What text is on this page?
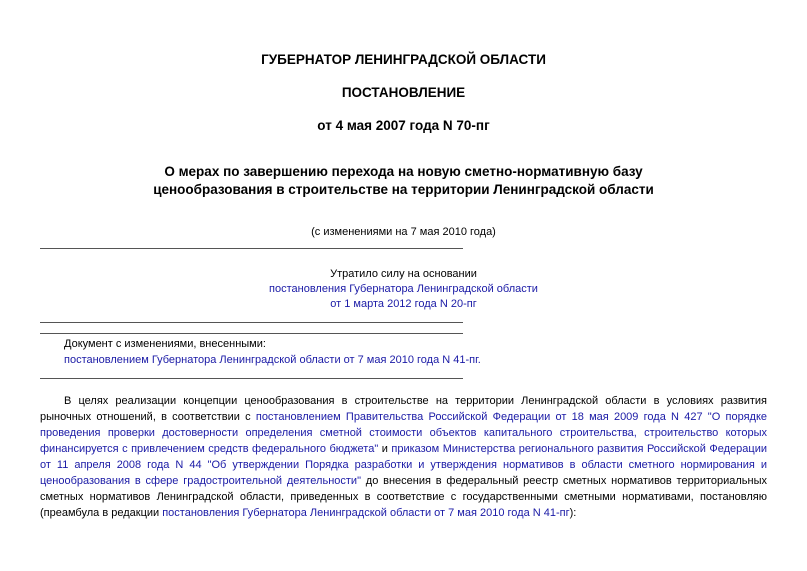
ГУБЕРНАТОР ЛЕНИНГРАДСКОЙ ОБЛАСТИ
ПОСТАНОВЛЕНИЕ
от 4 мая 2007 года N 70-пг
О мерах по завершению перехода на новую сметно-нормативную базу ценообразования в строительстве на территории Ленинградской области
(с изменениями на 7 мая 2010 года)
Утратило силу на основании
постановления Губернатора Ленинградской области
от 1 марта 2012 года N 20-пг
Документ с изменениями, внесенными:
постановлением Губернатора Ленинградской области от 7 мая 2010 года N 41-пг.

В целях реализации концепции ценообразования в строительстве на территории Ленинградской области в условиях развития рыночных отношений, в соответствии с постановлением Правительства Российской Федерации от 18 мая 2009 года N 427 "О порядке проведения проверки достоверности определения сметной стоимости объектов капитального строительства, строительство которых финансируется с привлечением средств федерального бюджета" и приказом Министерства регионального развития Российской Федерации от 11 апреля 2008 года N 44 "Об утверждении Порядка разработки и утверждения нормативов в области сметного нормирования и ценообразования в сфере градостроительной деятельности" до внесения в федеральный реестр сметных нормативов территориальных сметных нормативов Ленинградской области, приведенных в соответствие с государственными сметными нормативами, постановляю (преамбула в редакции постановления Губернатора Ленинградской области от 7 мая 2010 года N 41-пг):
